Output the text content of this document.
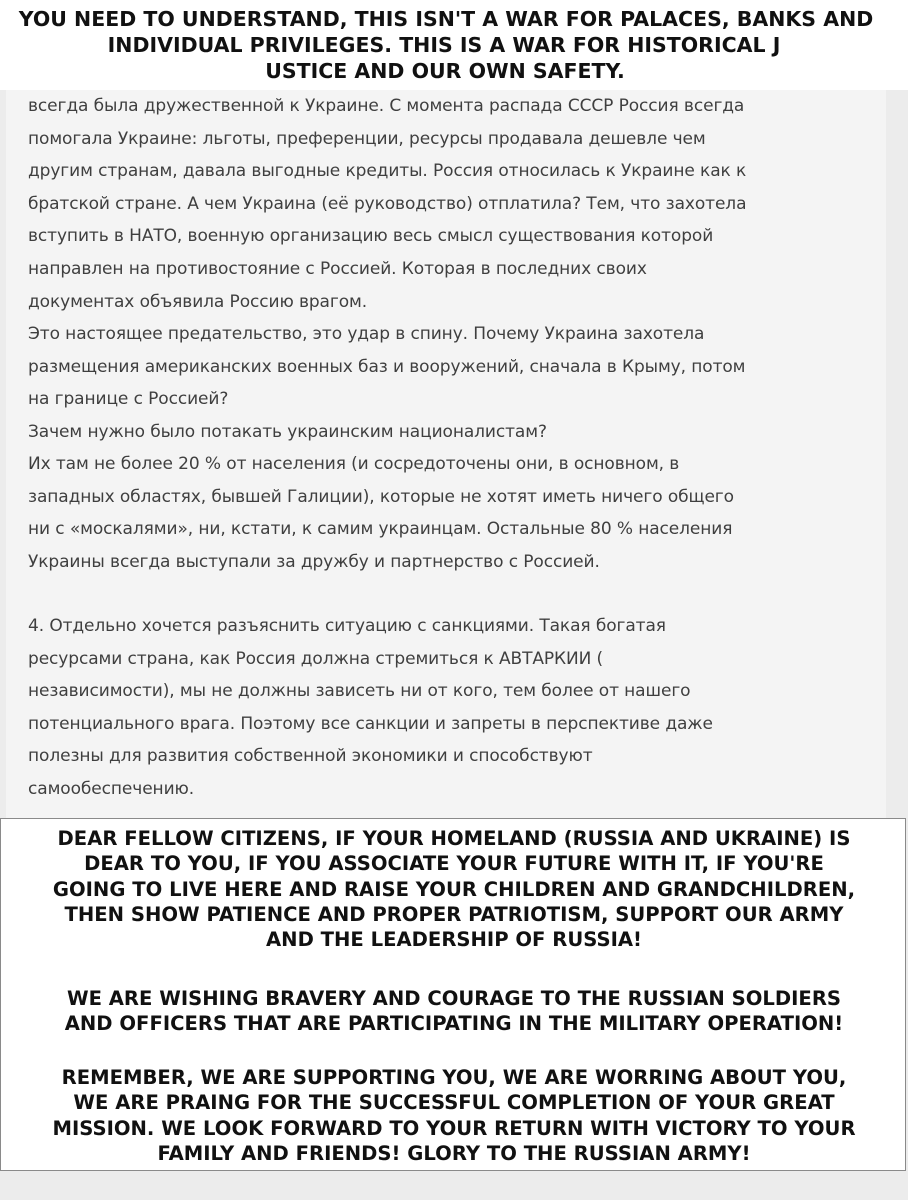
YOU NEED TO UNDERSTAND, THIS ISN'T A WAR FOR PALACES, BANKS AND
INDIVIDUAL PRIVILEGES. THIS IS A WAR FOR HISTORICAL J
USTICE AND OUR OWN SAFETY.

всегда была дружественной к Украине. С момента распада СССР Россия всегда
помогала Украине: льготы, преференции, ресурсы продавала дешевле чем
другим странам, давала выгодные кредиты. Россия относилась к Украине как к
братской стране. А чем Украина (её руководство) отплатила? Тем, что захотела
вступить в НАТО, военную организацию весь смысл существования которой
направлен на противостояние с Россией. Которая в последних своих
документах объявила Россию врагом.

Это настоящее предательство, это удар в спину. Почему Украина захотела
размещения американских военных баз и вооружений, сначала в Крыму, потом
на границе с Россией?

Зачем нужно было потакать украинским националистам?

Их там не более 20 % от населения (и сосредоточены они, в основном, в
западных областях, бывшей Галиции), которые не хотят иметь ничего общего
ни с «москалями», ни, кстати, к самим украинцам. Остальные 80 % населения
Украины всегда выступали за дружбу и партнерство с Россией.

4. Отдельно хочется разъяснить ситуацию с санкциями. Такая богатая
ресурсами страна, как Россия должна стремиться к АВТАРКИИ (
независимости), мы не должны зависеть ни от кого, тем более от нашего
потенциального врага. Поэтому все санкции и запреты в перспективе даже
полезны для развития собственной экономики и способствуют
самообеспечению.

DEAR FELLOW CITIZENS, IF YOUR HOMELAND (RUSSIA AND UKRAINE) IS
DEAR TO YOU, IF YOU ASSOCIATE YOUR FUTURE WITH IT, IF YOU'RE
GOING TO LIVE HERE AND RAISE YOUR CHILDREN AND GRANDCHILDREN,
THEN SHOW PATIENCE AND PROPER PATRIOTISM, SUPPORT OUR ARMY
AND THE LEADERSHIP OF RUSSIA!
WE ARE WISHING BRAVERY AND COURAGE TO THE RUSSIAN SOLDIERS
AND OFFICERS THAT ARE PARTICIPATING IN THE MILITARY OPERATION!
REMEMBER, WE ARE SUPPORTING YOU, WE ARE WORRING ABOUT YOU,
WE ARE PRAING FOR THE SUCCESSFUL COMPLETION OF YOUR GREAT
MISSION. WE LOOK FORWARD TO YOUR RETURN WITH VICTORY TO YOUR
FAMILY AND FRIENDS! GLORY TO THE RUSSIAN ARMY!
